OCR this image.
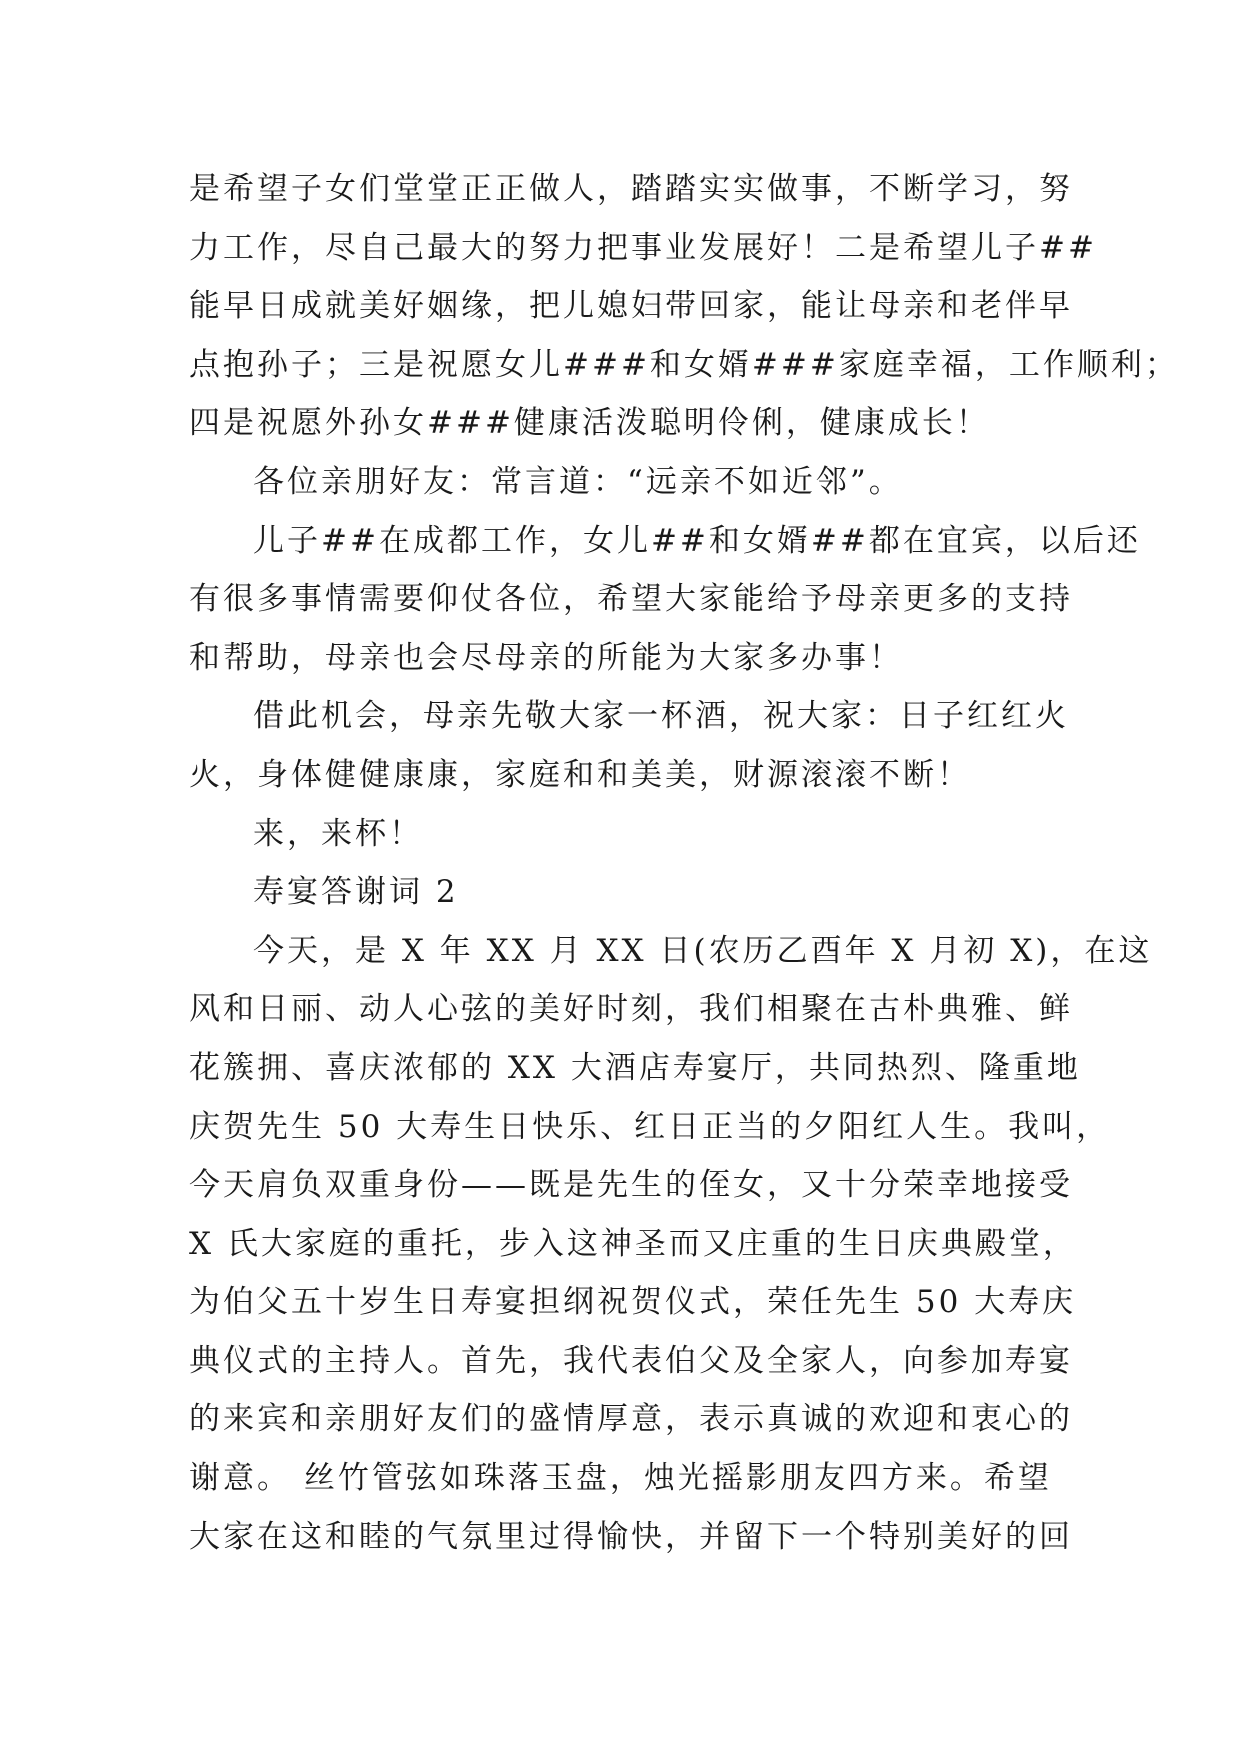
是希望子女们堂堂正正做人，踏踏实实做事，不断学习，努
力工作，尽自己最大的努力把事业发展好！二是希望儿子##
能早日成就美好姻缘，把儿媳妇带回家，能让母亲和老伴早
点抱孙子；三是祝愿女儿###和女婿###家庭幸福，工作顺利；
四是祝愿外孙女###健康活泼聪明伶俐，健康成长！
各位亲朋好友：常言道：“远亲不如近邻”。
儿子##在成都工作，女儿##和女婿##都在宜宾，以后还
有很多事情需要仰仗各位，希望大家能给予母亲更多的支持
和帮助，母亲也会尽母亲的所能为大家多办事！
借此机会，母亲先敬大家一杯酒，祝大家：日子红红火
火，身体健健康康，家庭和和美美，财源滚滚不断！
来，来杯！
寿宴答谢词 2
今天，是 X 年 XX 月 XX 日(农历乙酉年 X 月初 X)，在这
风和日丽、动人心弦的美好时刻，我们相聚在古朴典雅、鲜
花簇拥、喜庆浓郁的 XX 大酒店寿宴厅，共同热烈、隆重地
庆贺先生 50 大寿生日快乐、红日正当的夕阳红人生。我叫，
今天肩负双重身份——既是先生的侄女，又十分荣幸地接受
X 氏大家庭的重托，步入这神圣而又庄重的生日庆典殿堂，
为伯父五十岁生日寿宴担纲祝贺仪式，荣任先生 50 大寿庆
典仪式的主持人。首先，我代表伯父及全家人，向参加寿宴
的来宾和亲朋好友们的盛情厚意，表示真诚的欢迎和衷心的
谢意。 丝竹管弦如珠落玉盘，烛光摇影朋友四方来。希望
大家在这和睦的气氛里过得愉快，并留下一个特别美好的回
